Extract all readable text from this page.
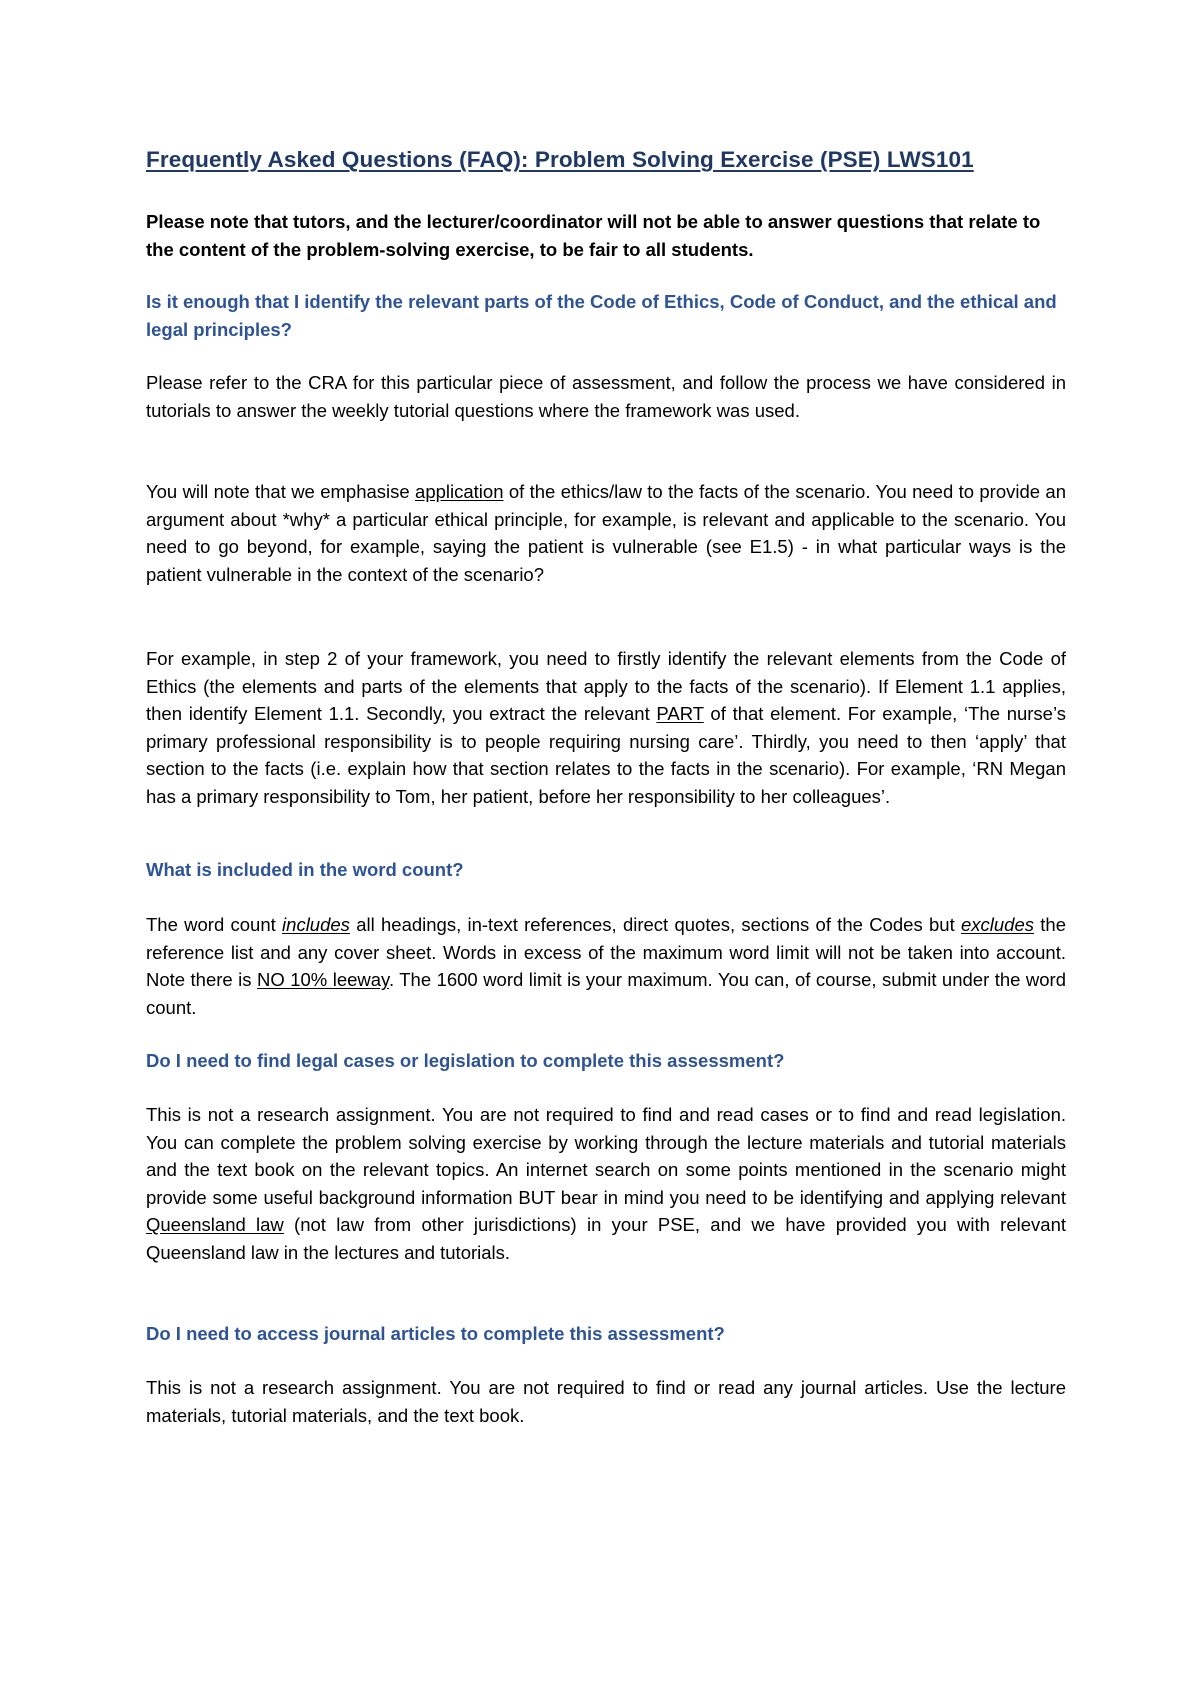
Frequently Asked Questions (FAQ): Problem Solving Exercise (PSE) LWS101

Please note that tutors, and the lecturer/coordinator will not be able to answer questions that relate to the content of the problem-solving exercise, to be fair to all students.

Is it enough that I identify the relevant parts of the Code of Ethics, Code of Conduct, and the ethical and legal principles?

Please refer to the CRA for this particular piece of assessment, and follow the process we have considered in tutorials to answer the weekly tutorial questions where the framework was used.

You will note that we emphasise application of the ethics/law to the facts of the scenario. You need to provide an argument about *why* a particular ethical principle, for example, is relevant and applicable to the scenario. You need to go beyond, for example, saying the patient is vulnerable (see E1.5) - in what particular ways is the patient vulnerable in the context of the scenario?

For example, in step 2 of your framework, you need to firstly identify the relevant elements from the Code of Ethics (the elements and parts of the elements that apply to the facts of the scenario). If Element 1.1 applies, then identify Element 1.1. Secondly, you extract the relevant PART of that element. For example, ‘The nurse’s primary professional responsibility is to people requiring nursing care’. Thirdly, you need to then ‘apply’ that section to the facts (i.e. explain how that section relates to the facts in the scenario). For example, ‘RN Megan has a primary responsibility to Tom, her patient, before her responsibility to her colleagues’.

What is included in the word count?

The word count includes all headings, in-text references, direct quotes, sections of the Codes but excludes the reference list and any cover sheet. Words in excess of the maximum word limit will not be taken into account. Note there is NO 10% leeway. The 1600 word limit is your maximum. You can, of course, submit under the word count.

Do I need to find legal cases or legislation to complete this assessment?

This is not a research assignment. You are not required to find and read cases or to find and read legislation. You can complete the problem solving exercise by working through the lecture materials and tutorial materials and the text book on the relevant topics. An internet search on some points mentioned in the scenario might provide some useful background information BUT bear in mind you need to be identifying and applying relevant Queensland law (not law from other jurisdictions) in your PSE, and we have provided you with relevant Queensland law in the lectures and tutorials.

Do I need to access journal articles to complete this assessment?

This is not a research assignment. You are not required to find or read any journal articles. Use the lecture materials, tutorial materials, and the text book.
